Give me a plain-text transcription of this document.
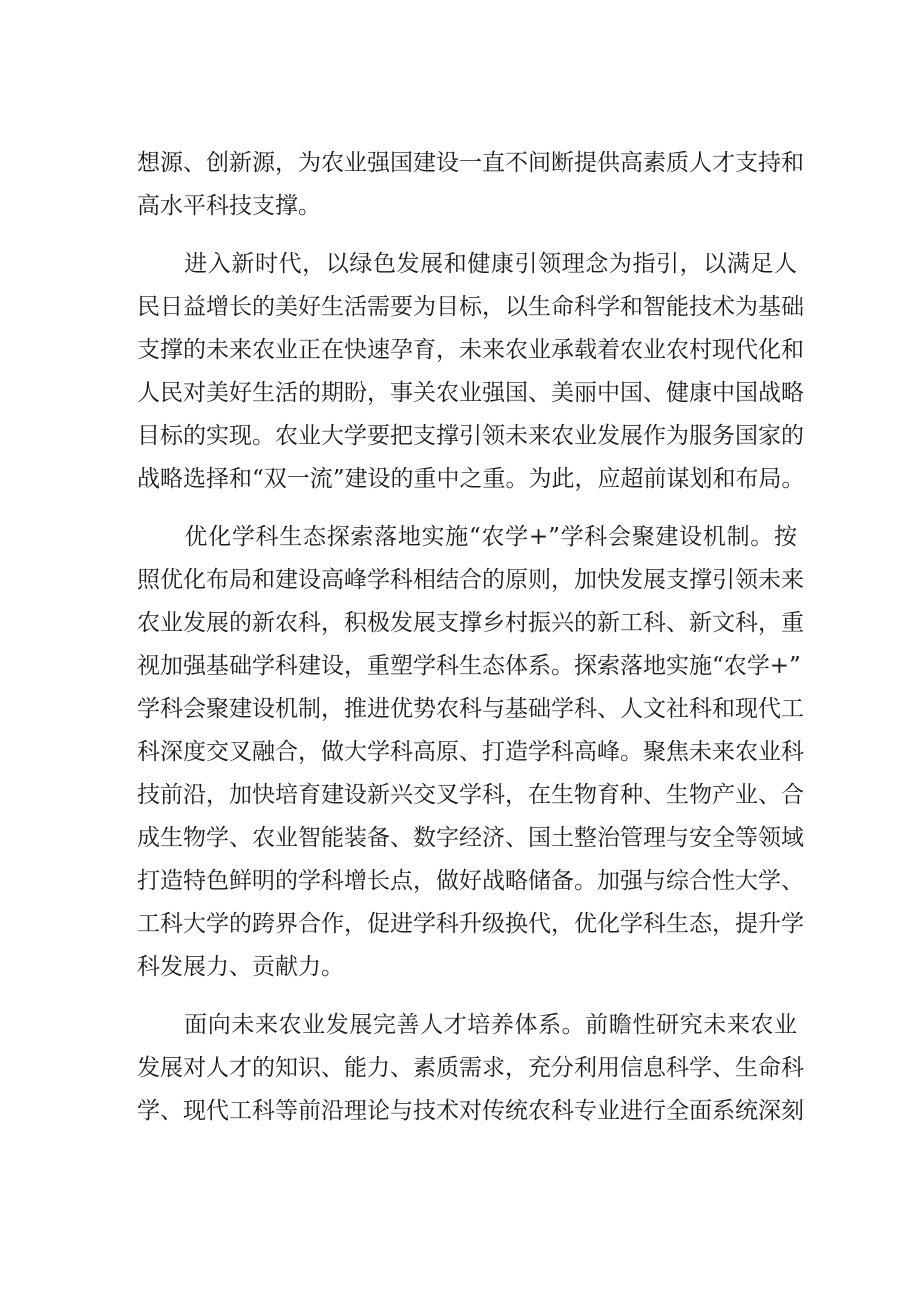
想源、创新源，为农业强国建设一直不间断提供高素质人才支持和
高水平科技支撑。
　　进入新时代，以绿色发展和健康引领理念为指引，以满足人
民日益增长的美好生活需要为目标，以生命科学和智能技术为基础
支撑的未来农业正在快速孕育，未来农业承载着农业农村现代化和
人民对美好生活的期盼，事关农业强国、美丽中国、健康中国战略
目标的实现。农业大学要把支撑引领未来农业发展作为服务国家的
战略选择和“双一流”建设的重中之重。为此，应超前谋划和布局。
　　优化学科生态探索落地实施“农学+”学科会聚建设机制。按
照优化布局和建设高峰学科相结合的原则，加快发展支撑引领未来
农业发展的新农科，积极发展支撑乡村振兴的新工科、新文科，重
视加强基础学科建设，重塑学科生态体系。探索落地实施“农学+”
学科会聚建设机制，推进优势农科与基础学科、人文社科和现代工
科深度交叉融合，做大学科高原、打造学科高峰。聚焦未来农业科
技前沿，加快培育建设新兴交叉学科，在生物育种、生物产业、合
成生物学、农业智能装备、数字经济、国土整治管理与安全等领域
打造特色鲜明的学科增长点，做好战略储备。加强与综合性大学、
工科大学的跨界合作，促进学科升级换代，优化学科生态，提升学
科发展力、贡献力。
　　面向未来农业发展完善人才培养体系。前瞻性研究未来农业
发展对人才的知识、能力、素质需求，充分利用信息科学、生命科
学、现代工科等前沿理论与技术对传统农科专业进行全面系统深刻
